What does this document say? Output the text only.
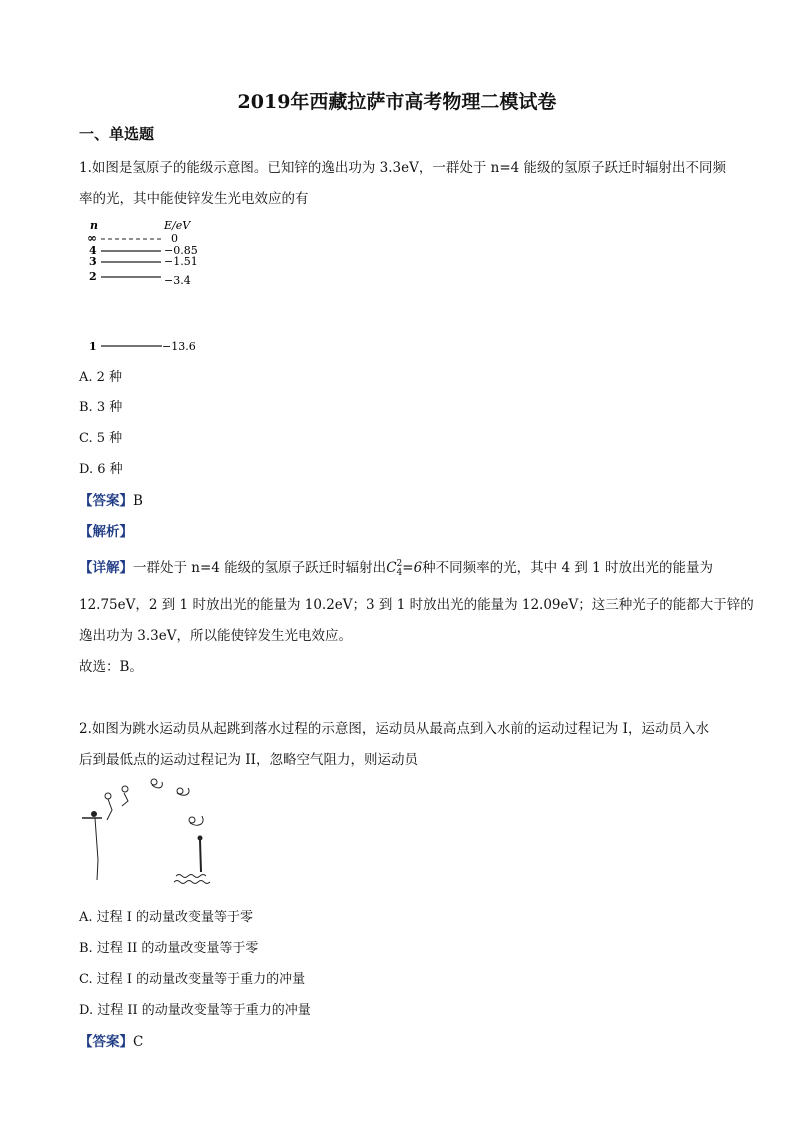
2019年西藏拉萨市高考物理二模试卷
一、单选题
1.如图是氢原子的能级示意图。已知锌的逸出功为 3.3eV，一群处于 n=4 能级的氢原子跃迁时辐射出不同频
率的光，其中能使锌发生光电效应的有
n	E/eV
∞	0
4	−0.85
3	−1.51
2	−3.4
1	−13.6
A. 2 种
B. 3 种
C. 5 种
D. 6 种
【答案】B
【解析】
【详解】一群处于 n=4 能级的氢原子跃迁时辐射出C 2
4 =6种不同频率的光，其中 4 到 1 时放出光的能量为
12.75eV，2 到 1 时放出光的能量为 10.2eV；3 到 1 时放出光的能量为 12.09eV；这三种光子的能都大于锌的
逸出功为 3.3eV，所以能使锌发生光电效应。
故选：B。
2.如图为跳水运动员从起跳到落水过程的示意图，运动员从最高点到入水前的运动过程记为 I，运动员入水
后到最低点的运动过程记为 II，忽略空气阻力，则运动员
A. 过程 I 的动量改变量等于零
B. 过程 II 的动量改变量等于零
C. 过程 I 的动量改变量等于重力的冲量
D. 过程 II 的动量改变量等于重力的冲量
【答案】C
